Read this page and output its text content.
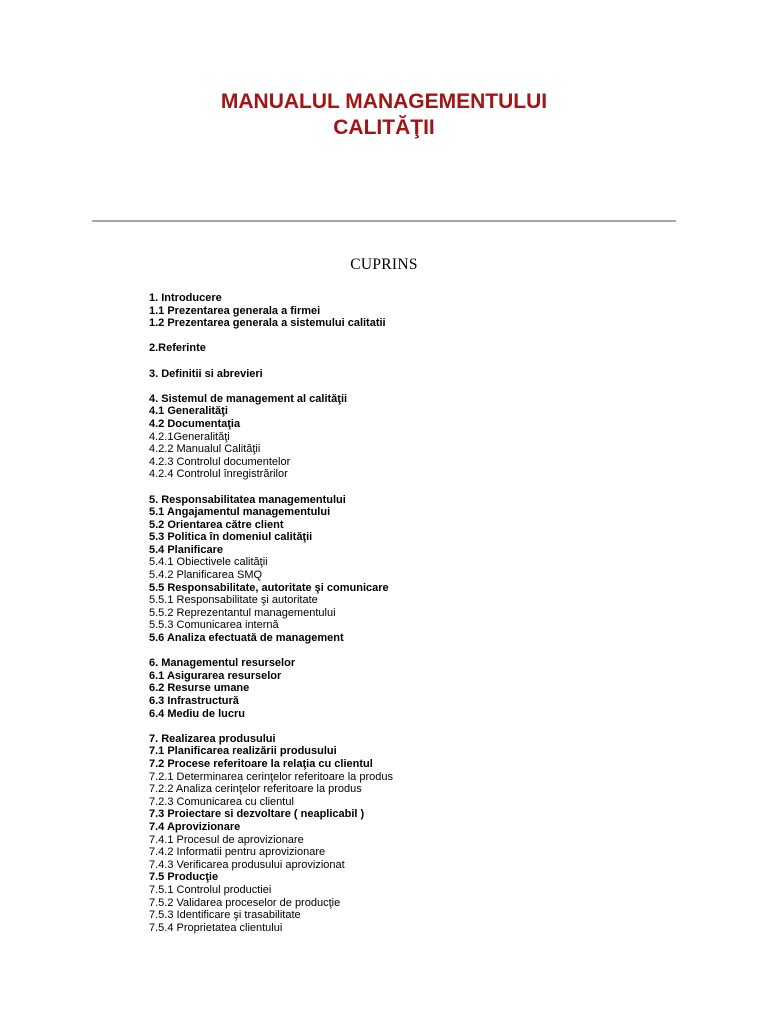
MANUALUL MANAGEMENTULUI
CALITĂŢII
CUPRINS
1. Introducere
1.1 Prezentarea generala a firmei
1.2 Prezentarea generala a sistemului calitatii
2.Referinte
3. Definitii si abrevieri
4. Sistemul de management al calităţii
4.1 Generalităţi
4.2 Documentaţia
4.2.1Generalităţi
4.2.2 Manualul Calităţii
4.2.3 Controlul documentelor
4.2.4 Controlul înregistrărilor
5. Responsabilitatea managementului
5.1 Angajamentul managementului
5.2 Orientarea către client
5.3 Politica în domeniul calităţii
5.4 Planificare
5.4.1 Obiectivele calităţii
5.4.2 Planificarea SMQ
5.5 Responsabilitate, autoritate şi comunicare
5.5.1 Responsabilitate şi autoritate
5.5.2 Reprezentantul managementului
5.5.3 Comunicarea internă
5.6 Analiza efectuată de management
6. Managementul resurselor
6.1 Asigurarea resurselor
6.2 Resurse umane
6.3 Infrastructură
6.4 Mediu de lucru
7. Realizarea produsului
7.1 Planificarea realizării produsului
7.2 Procese referitoare la relaţia cu clientul
7.2.1 Determinarea cerinţelor referitoare la produs
7.2.2 Analiza cerinţelor referitoare la produs
7.2.3 Comunicarea cu clientul
7.3 Proiectare si dezvoltare ( neaplicabil )
7.4 Aprovizionare
7.4.1 Procesul de aprovizionare
7.4.2 Informatii pentru aprovizionare
7.4.3 Verificarea produsului aprovizionat
7.5 Producţie
7.5.1 Controlul productiei
7.5.2 Validarea proceselor de producţie
7.5.3 Identificare şi trasabilitate
7.5.4 Proprietatea clientului
